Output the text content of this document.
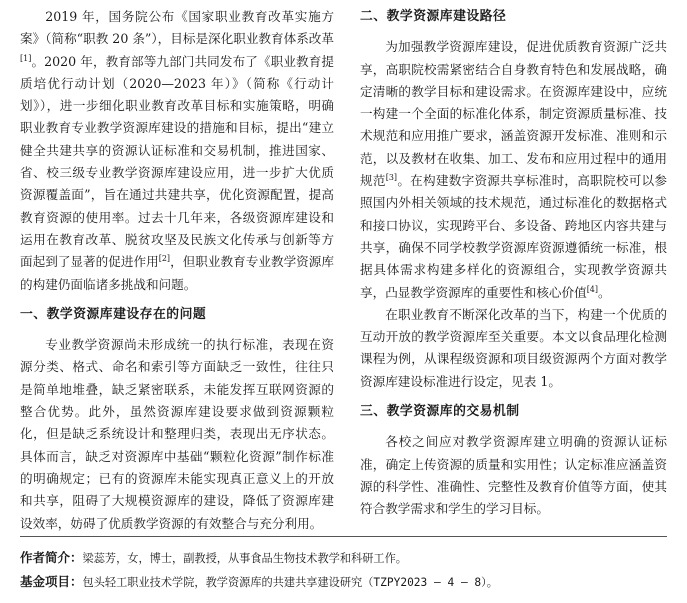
2019 年，国务院公布《国家职业教育改革实施方案》（简称“职教 20 条”），目标是深化职业教育体系改革[1]。2020 年，教育部等九部门共同发布了《职业教育提质培优行动计划（2020—2023 年）》（简称《行动计划》），进一步细化职业教育改革目标和实施策略，明确职业教育专业教学资源库建设的措施和目标，提出“建立健全共建共享的资源认证标准和交易机制，推进国家、省、校三级专业教学资源库建设应用，进一步扩大优质资源覆盖面”，旨在通过共建共享，优化资源配置，提高教育资源的使用率。过去十几年来，各级资源库建设和运用在教育改革、脱贫攻坚及民族文化传承与创新等方面起到了显著的促进作用[2]，但职业教育专业教学资源库的构建仍面临诸多挑战和问题。

一、教学资源库建设存在的问题

专业教学资源尚未形成统一的执行标准，表现在资源分类、格式、命名和索引等方面缺乏一致性，往往只是简单地堆叠，缺乏紧密联系，未能发挥互联网资源的整合优势。此外，虽然资源库建设要求做到资源颗粒化，但是缺乏系统设计和整理归类，表现出无序状态。具体而言，缺乏对资源库中基础“颗粒化资源”制作标准的明确规定；已有的资源库未能实现真正意义上的开放和共享，阻碍了大规模资源库的建设，降低了资源库建设效率，妨碍了优质教学资源的有效整合与充分利用。

二、教学资源库建设路径

为加强教学资源库建设，促进优质教育资源广泛共享，高职院校需紧密结合自身教育特色和发展战略，确定清晰的教学目标和建设需求。在资源库建设中，应统一构建一个全面的标准化体系，制定资源质量标准、技术规范和应用推广要求，涵盖资源开发标准、准则和示范，以及教材在收集、加工、发布和应用过程中的通用规范[3]。在构建数字资源共享标准时，高职院校可以参照国内外相关领域的技术规范，通过标准化的数据格式和接口协议，实现跨平台、多设备、跨地区内容共建与共享，确保不同学校教学资源库资源遵循统一标准，根据具体需求构建多样化的资源组合，实现教学资源共享，凸显教学资源库的重要性和核心价值[4]。

在职业教育不断深化改革的当下，构建一个优质的互动开放的教学资源库至关重要。本文以食品理化检测课程为例，从课程级资源和项目级资源两个方面对教学资源库建设标准进行设定，见表 1。

三、教学资源库的交易机制

各校之间应对教学资源库建立明确的资源认证标准，确定上传资源的质量和实用性；认定标准应涵盖资源的科学性、准确性、完整性及教育价值等方面，使其符合教学需求和学生的学习目标。

作者简介：梁蕊芳，女，博士，副教授，从事食品生物技术教学和科研工作。
基金项目：包头轻工职业技术学院，教学资源库的共建共享建设研究（TZPY2023 – 4 – 8）。
